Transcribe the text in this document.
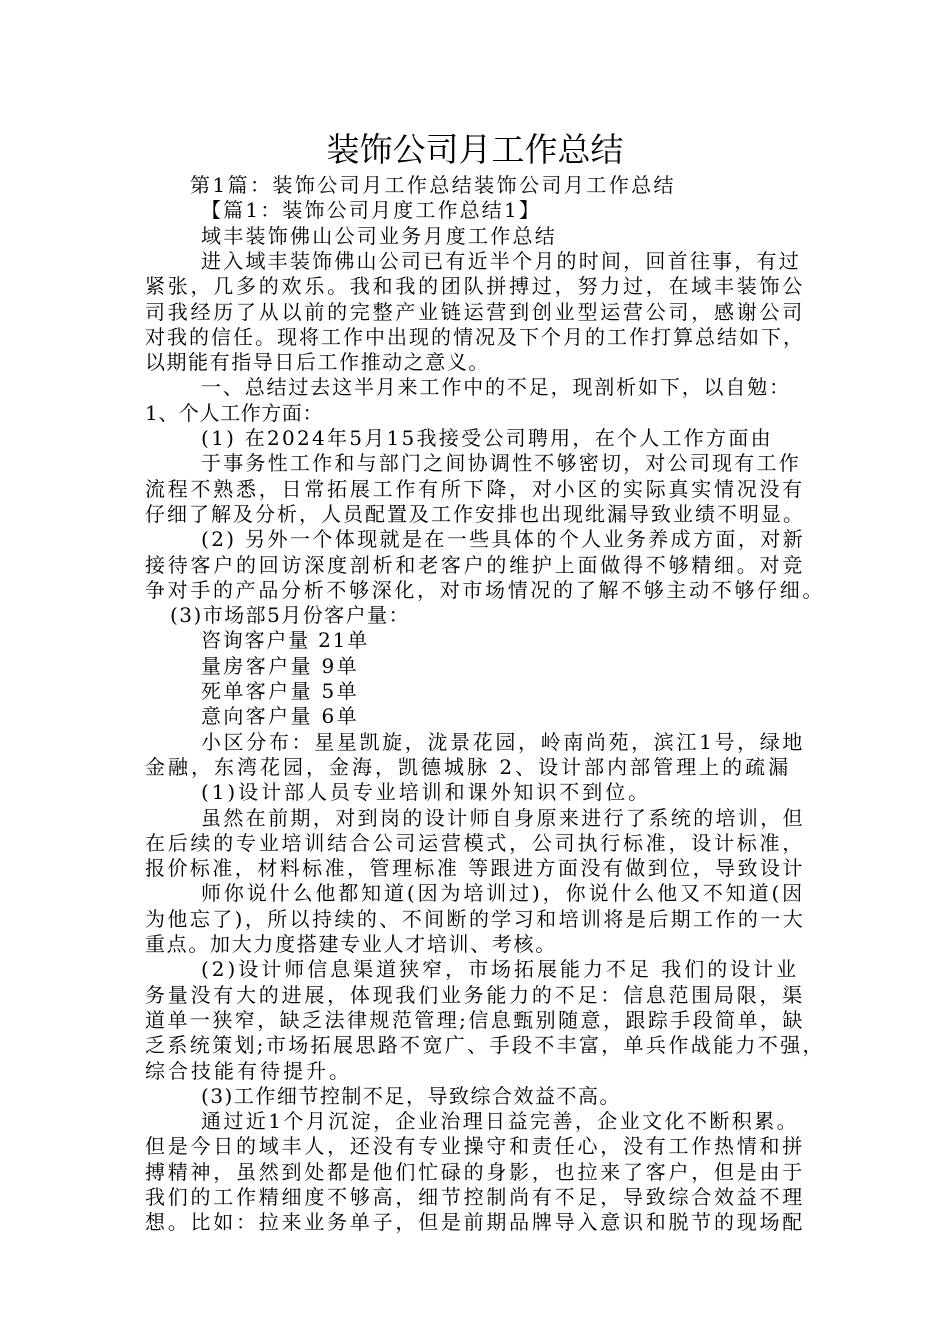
装饰公司月工作总结
第1篇：装饰公司月工作总结装饰公司月工作总结
【篇1：装饰公司月度工作总结1】
域丰装饰佛山公司业务月度工作总结
进入域丰装饰佛山公司已有近半个月的时间，回首往事，有过
紧张，几多的欢乐。我和我的团队拼搏过，努力过，在域丰装饰公
司我经历了从以前的完整产业链运营到创业型运营公司，感谢公司
对我的信任。现将工作中出现的情况及下个月的工作打算总结如下，
以期能有指导日后工作推动之意义。
一、总结过去这半月来工作中的不足，现剖析如下，以自勉：
1、个人工作方面：
(1) 在2024年5月15我接受公司聘用，在个人工作方面由
于事务性工作和与部门之间协调性不够密切，对公司现有工作
流程不熟悉，日常拓展工作有所下降，对小区的实际真实情况没有
仔细了解及分析，人员配置及工作安排也出现纰漏导致业绩不明显。
(2) 另外一个体现就是在一些具体的个人业务养成方面，对新
接待客户的回访深度剖析和老客户的维护上面做得不够精细。对竞
争对手的产品分析不够深化，对市场情况的了解不够主动不够仔细。
(3)市场部5月份客户量：
咨询客户量 21单
量房客户量 9单
死单客户量 5单
意向客户量 6单
小区分布：星星凯旋，泷景花园，岭南尚苑，滨江1号，绿地
金融，东湾花园，金海，凯德城脉 2、设计部内部管理上的疏漏
(1)设计部人员专业培训和课外知识不到位。
虽然在前期，对到岗的设计师自身原来进行了系统的培训，但
在后续的专业培训结合公司运营模式，公司执行标准，设计标准，
报价标准，材料标准，管理标准 等跟进方面没有做到位，导致设计
师你说什么他都知道(因为培训过)，你说什么他又不知道(因
为他忘了)，所以持续的、不间断的学习和培训将是后期工作的一大
重点。加大力度搭建专业人才培训、考核。
(2)设计师信息渠道狭窄，市场拓展能力不足 我们的设计业
务量没有大的进展，体现我们业务能力的不足：信息范围局限，渠
道单一狭窄，缺乏法律规范管理;信息甄别随意，跟踪手段简单，缺
乏系统策划;市场拓展思路不宽广、手段不丰富，单兵作战能力不强，
综合技能有待提升。
(3)工作细节控制不足，导致综合效益不高。
通过近1个月沉淀，企业治理日益完善，企业文化不断积累。
但是今日的域丰人，还没有专业操守和责任心，没有工作热情和拼
搏精神，虽然到处都是他们忙碌的身影，也拉来了客户，但是由于
我们的工作精细度不够高，细节控制尚有不足，导致综合效益不理
想。比如：拉来业务单子，但是前期品牌导入意识和脱节的现场配
